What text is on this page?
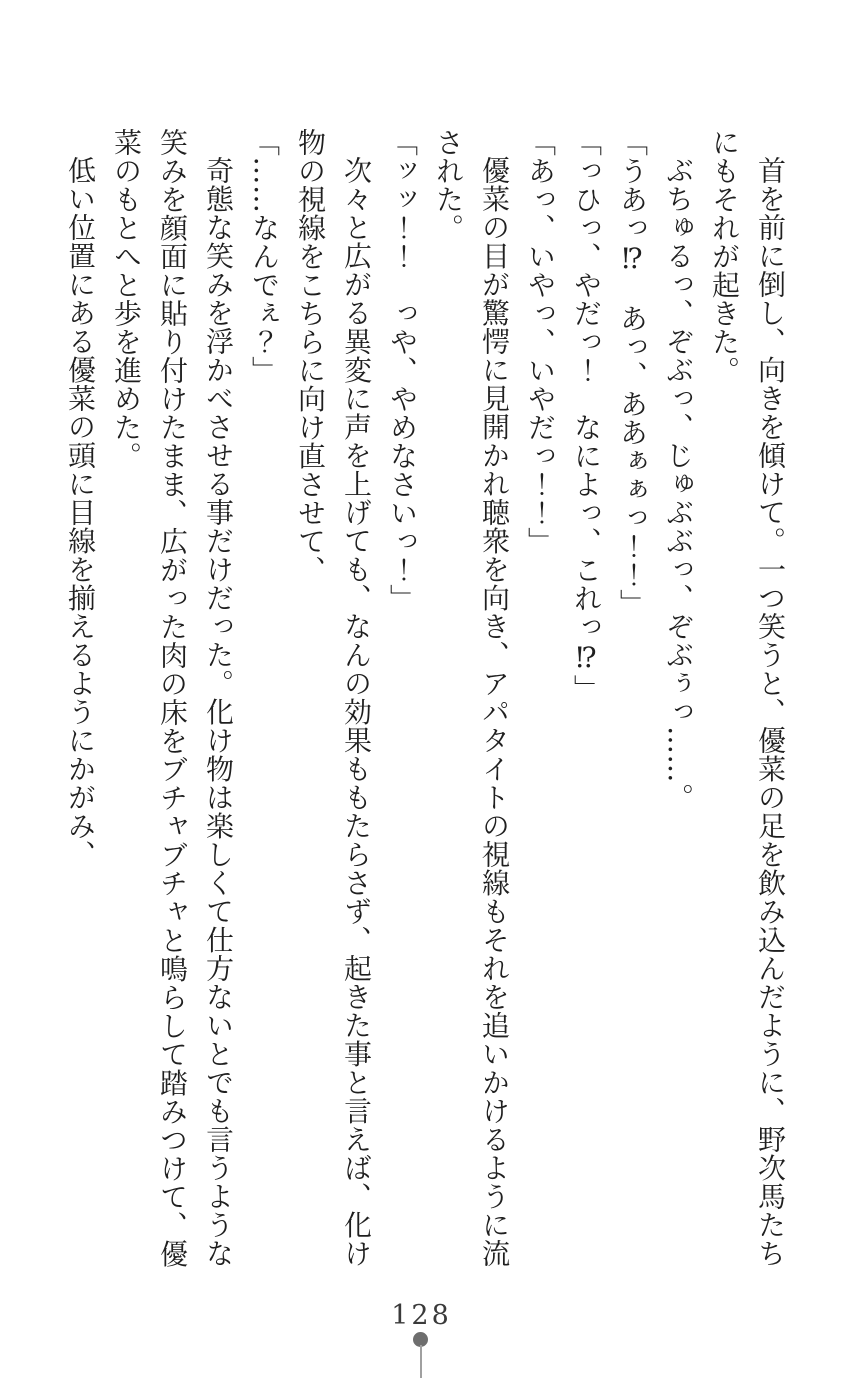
首を前に倒し、向きを傾けて。一つ笑うと、優菜の足を飲み込んだように、野次馬たち

にもそれが起きた。

ぶちゅるっ、ぞぶっ、じゅぶぶっ、ぞぶぅっ……。

「うあっ⁉　あっ、ああぁぁっ！！」

「っひっ、やだっ！　なによっ、これっ⁉」

「あっ、いやっ、いやだっ！！」

優菜の目が驚愕に見開かれ聴衆を向き、アパタイトの視線もそれを追いかけるように流

された。

「ッッ！！　っや、やめなさいっ！」

次々と広がる異変に声を上げても、なんの効果ももたらさず、起きた事と言えば、化け

物の視線をこちらに向け直させて、

「……なんでぇ？」

奇態な笑みを浮かべさせる事だけだった。化け物は楽しくて仕方ないとでも言うような

笑みを顔面に貼り付けたまま、広がった肉の床をブチャブチャと鳴らして踏みつけて、優

菜のもとへと歩を進めた。

低い位置にある優菜の頭に目線を揃えるようにかがみ、

128
